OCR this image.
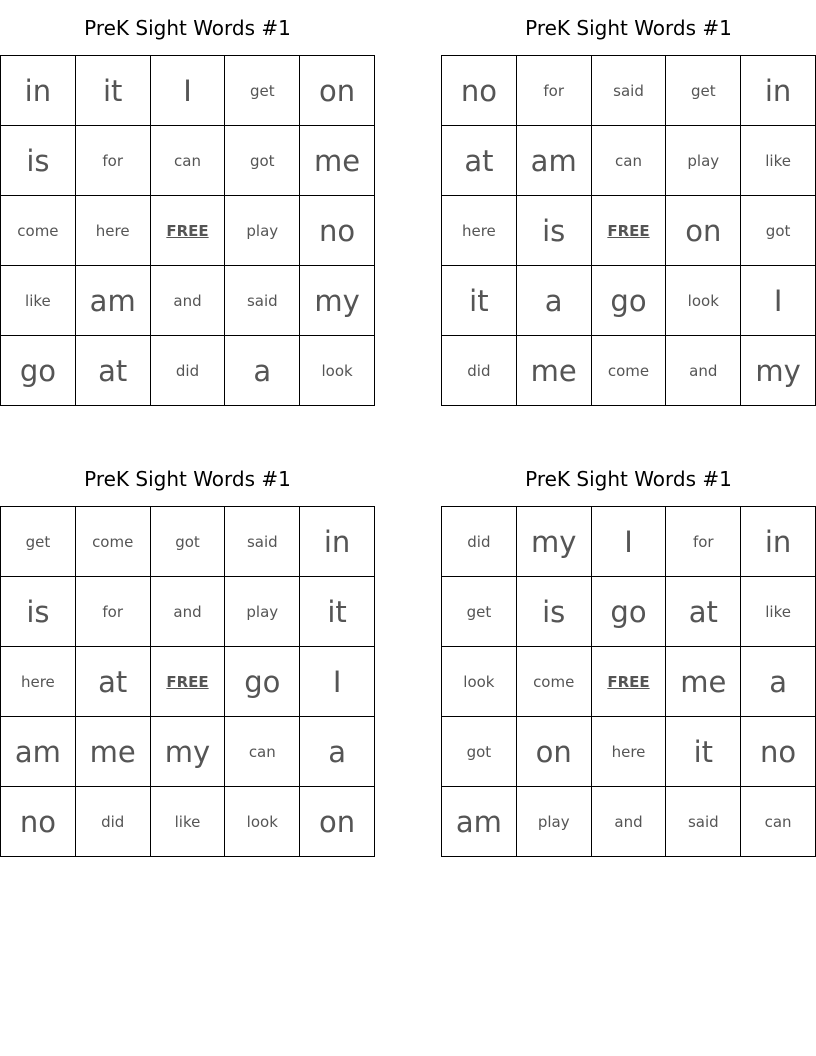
PreK Sight Words #1
in	it	I	get	on
is	for	can	got	me
come	here	FREE	play	no
like	am	and	said	my
go	at	did	a	look
PreK Sight Words #1
no	for	said	get	in
at	am	can	play	like
here	is	FREE	on	got
it	a	go	look	I
did	me	come	and	my
PreK Sight Words #1
get	come	got	said	in
is	for	and	play	it
here	at	FREE	go	I
am me	my	can	a
no	did	like	look	on
PreK Sight Words #1
did	my	I	for	in
get	is	go	at	like
look	come	FREE	me	a
got	on	here	it	no
am	play	and	said	can
